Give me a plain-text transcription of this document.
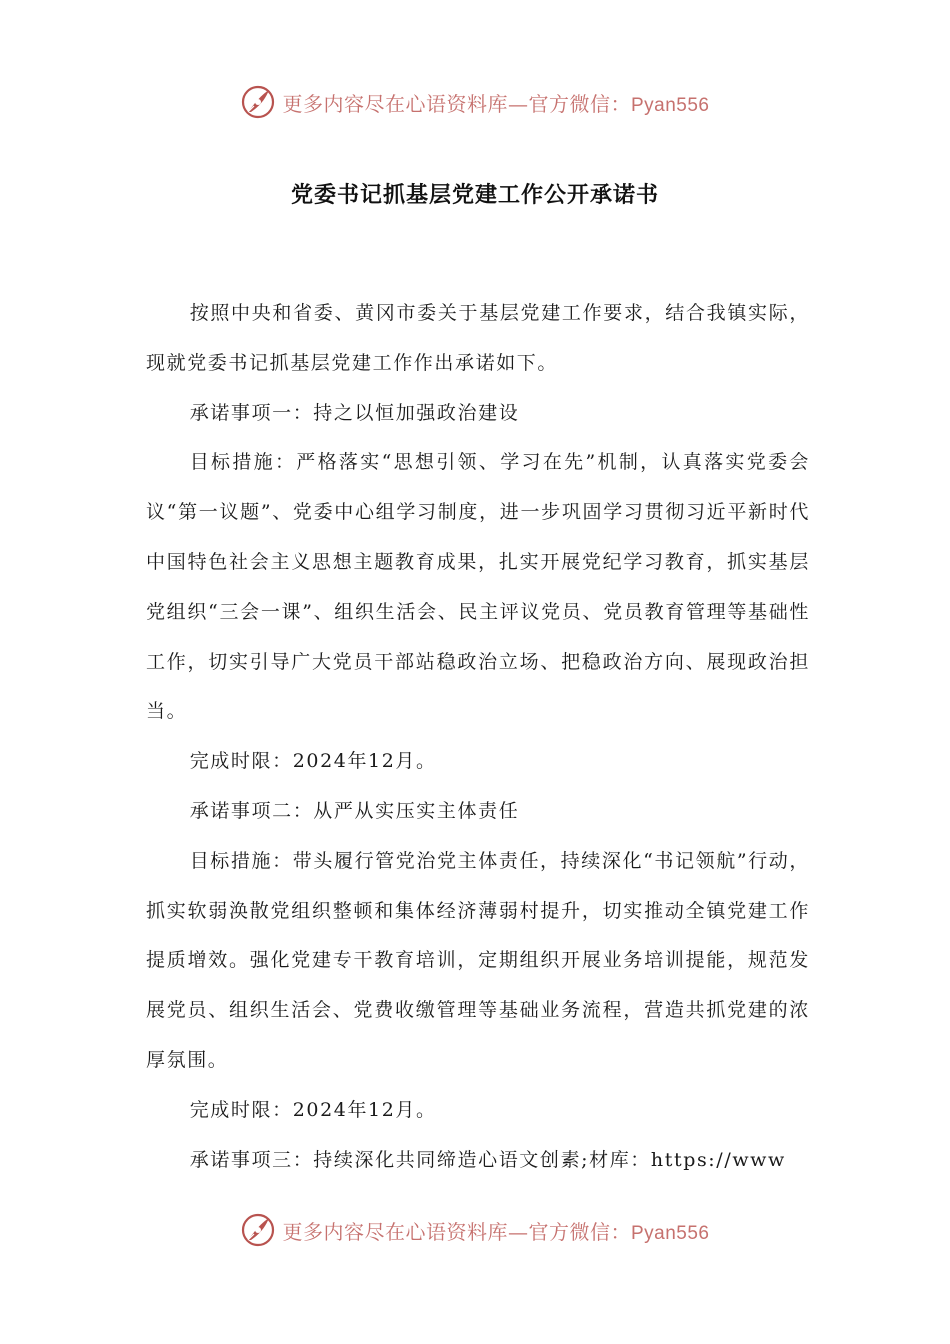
更多内容尽在心语资料库—官方微信：Pyan556
党委书记抓基层党建工作公开承诺书

按照中央和省委、黄冈市委关于基层党建工作要求，结合我镇实际，现就党委书记抓基层党建工作作出承诺如下。

承诺事项一：持之以恒加强政治建设

目标措施：严格落实“思想引领、学习在先”机制，认真落实党委会议“第一议题”、党委中心组学习制度，进一步巩固学习贯彻习近平新时代中国特色社会主义思想主题教育成果，扎实开展党纪学习教育，抓实基层党组织“三会一课”、组织生活会、民主评议党员、党员教育管理等基础性工作，切实引导广大党员干部站稳政治立场、把稳政治方向、展现政治担当。

完成时限：2024年12月。

承诺事项二：从严从实压实主体责任

目标措施：带头履行管党治党主体责任，持续深化“书记领航”行动，抓实软弱涣散党组织整顿和集体经济薄弱村提升，切实推动全镇党建工作提质增效。强化党建专干教育培训，定期组织开展业务培训提能，规范发展党员、组织生活会、党费收缴管理等基础业务流程，营造共抓党建的浓厚氛围。

完成时限：2024年12月。

承诺事项三：持续深化共同缔造心语文创素;材库：https://www

更多内容尽在心语资料库—官方微信：Pyan556
